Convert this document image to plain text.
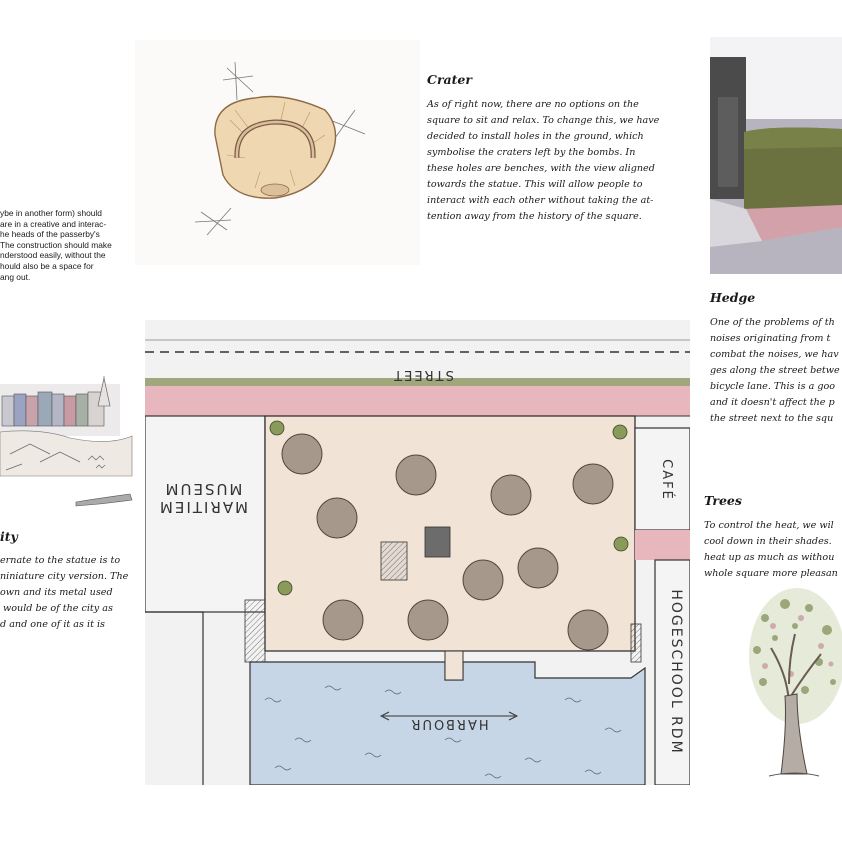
Crater
As of right now, there are no options on the
square to sit and relax. To change this, we have
decided to install holes in the ground, which
symbolise the craters left by the bombs. In
these holes are benches, with the view aligned
towards the statue. This will allow people to
interact with each other without taking the at-
tention away from the history of the square.
ybe in another form) should
are in a creative and interac-
he heads of the passerby's
The construction should make
nderstood easily, without the
hould also be a space for
ang out.
ity
ernate to the statue is to
niniature city version. The
own and its metal used
would be of the city as
d and one of it as it is
Hedge
One of the problems of th
noises originating from t
combat the noises, we hav
ges along the street betwe
bicycle lane. This is a goo
and it doesn't affect the p
the street next to the squ
Trees
To control the heat, we wil
cool down in their shades.
heat up as much as withou
whole square more pleasan
STREET
MARITIEM
MUSEUM	CAFÉ
HARBOUR	HOGESCHOOL RDM
